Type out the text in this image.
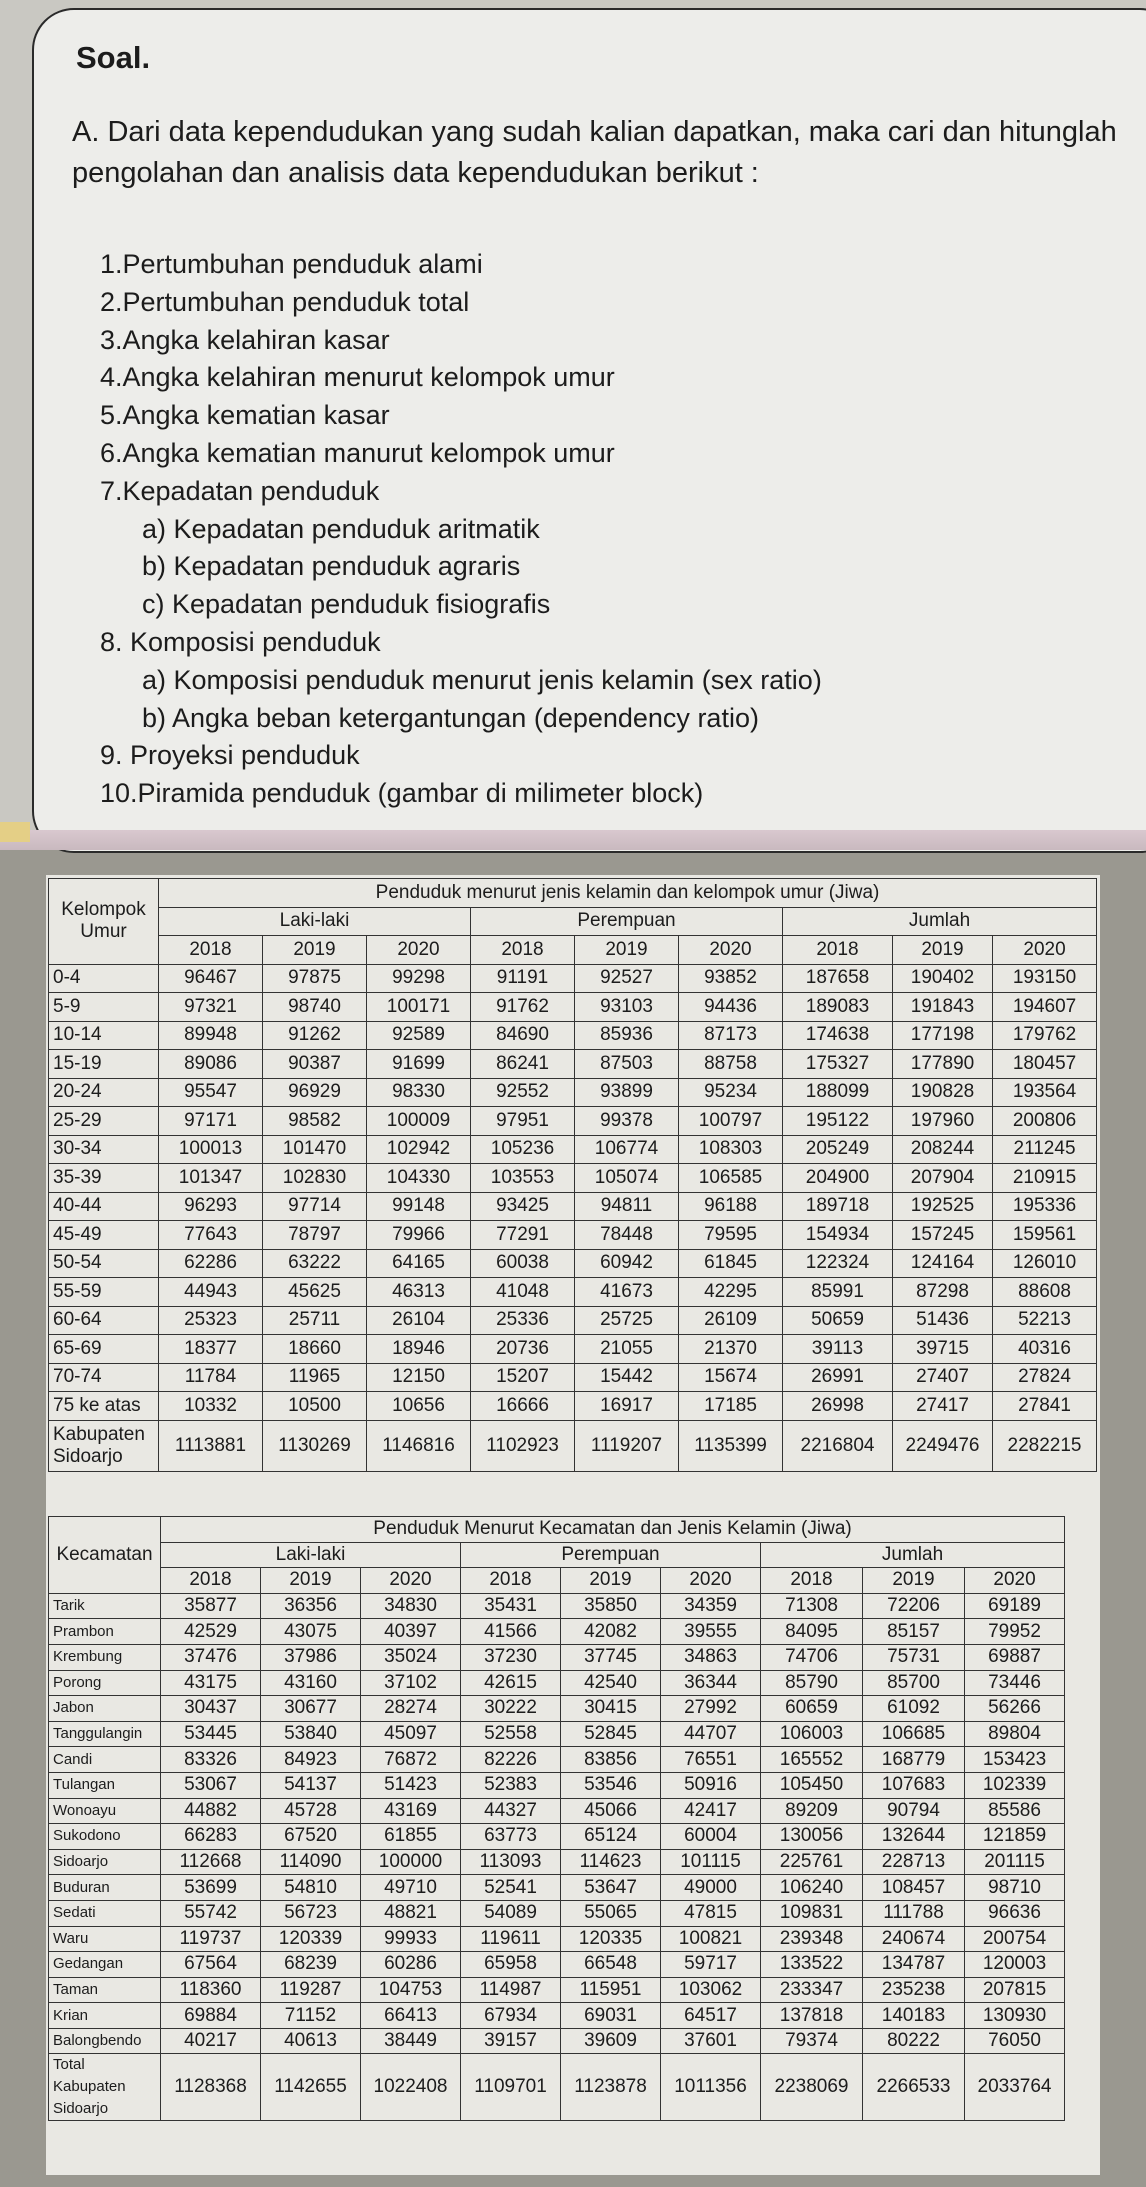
Soal.
A. Dari data kependudukan yang sudah kalian dapatkan, maka cari dan hitunglah pengolahan dan analisis data kependudukan berikut :
1.Pertumbuhan penduduk alami
2.Pertumbuhan penduduk total
3.Angka kelahiran kasar
4.Angka kelahiran menurut kelompok umur
5.Angka kematian kasar
6.Angka kematian manurut kelompok umur
7.Kepadatan penduduk
a) Kepadatan penduduk aritmatik
b) Kepadatan penduduk agraris
c) Kepadatan penduduk fisiografis
8. Komposisi penduduk
a) Komposisi penduduk menurut jenis kelamin (sex ratio)
b) Angka beban ketergantungan (dependency ratio)
9. Proyeksi penduduk
10.Piramida penduduk (gambar di milimeter block)
Kelompok Umur	Penduduk menurut jenis kelamin dan kelompok umur (Jiwa)								
	Laki-laki			Perempuan			Jumlah		
	2018	2019	2020	2018	2019	2020	2018	2019	2020
0-4	96467	97875	99298	91191	92527	93852	187658	190402	193150
5-9	97321	98740	100171	91762	93103	94436	189083	191843	194607
10-14	89948	91262	92589	84690	85936	87173	174638	177198	179762
15-19	89086	90387	91699	86241	87503	88758	175327	177890	180457
20-24	95547	96929	98330	92552	93899	95234	188099	190828	193564
25-29	97171	98582	100009	97951	99378	100797	195122	197960	200806
30-34	100013	101470	102942	105236	106774	108303	205249	208244	211245
35-39	101347	102830	104330	103553	105074	106585	204900	207904	210915
40-44	96293	97714	99148	93425	94811	96188	189718	192525	195336
45-49	77643	78797	79966	77291	78448	79595	154934	157245	159561
50-54	62286	63222	64165	60038	60942	61845	122324	124164	126010
55-59	44943	45625	46313	41048	41673	42295	85991	87298	88608
60-64	25323	25711	26104	25336	25725	26109	50659	51436	52213
65-69	18377	18660	18946	20736	21055	21370	39113	39715	40316
70-74	11784	11965	12150	15207	15442	15674	26991	27407	27824
75 ke atas	10332	10500	10656	16666	16917	17185	26998	27417	27841
Kabupaten Sidoarjo	1113881	1130269	1146816	1102923	1119207	1135399	2216804	2249476	2282215
Kecamatan	Penduduk Menurut Kecamatan dan Jenis Kelamin (Jiwa)								
	Laki-laki			Perempuan			Jumlah		
	2018	2019	2020	2018	2019	2020	2018	2019	2020
Tarik	35877	36356	34830	35431	35850	34359	71308	72206	69189
Prambon	42529	43075	40397	41566	42082	39555	84095	85157	79952
Krembung	37476	37986	35024	37230	37745	34863	74706	75731	69887
Porong	43175	43160	37102	42615	42540	36344	85790	85700	73446
Jabon	30437	30677	28274	30222	30415	27992	60659	61092	56266
Tanggulangin	53445	53840	45097	52558	52845	44707	106003	106685	89804
Candi	83326	84923	76872	82226	83856	76551	165552	168779	153423
Tulangan	53067	54137	51423	52383	53546	50916	105450	107683	102339
Wonoayu	44882	45728	43169	44327	45066	42417	89209	90794	85586
Sukodono	66283	67520	61855	63773	65124	60004	130056	132644	121859
Sidoarjo	112668	114090	100000	113093	114623	101115	225761	228713	201115
Buduran	53699	54810	49710	52541	53647	49000	106240	108457	98710
Sedati	55742	56723	48821	54089	55065	47815	109831	111788	96636
Waru	119737	120339	99933	119611	120335	100821	239348	240674	200754
Gedangan	67564	68239	60286	65958	66548	59717	133522	134787	120003
Taman	118360	119287	104753	114987	115951	103062	233347	235238	207815
Krian	69884	71152	66413	67934	69031	64517	137818	140183	130930
Balongbendo	40217	40613	38449	39157	39609	37601	79374	80222	76050
Total Kabupaten Sidoarjo	1128368	1142655	1022408	1109701	1123878	1011356	2238069	2266533	2033764
